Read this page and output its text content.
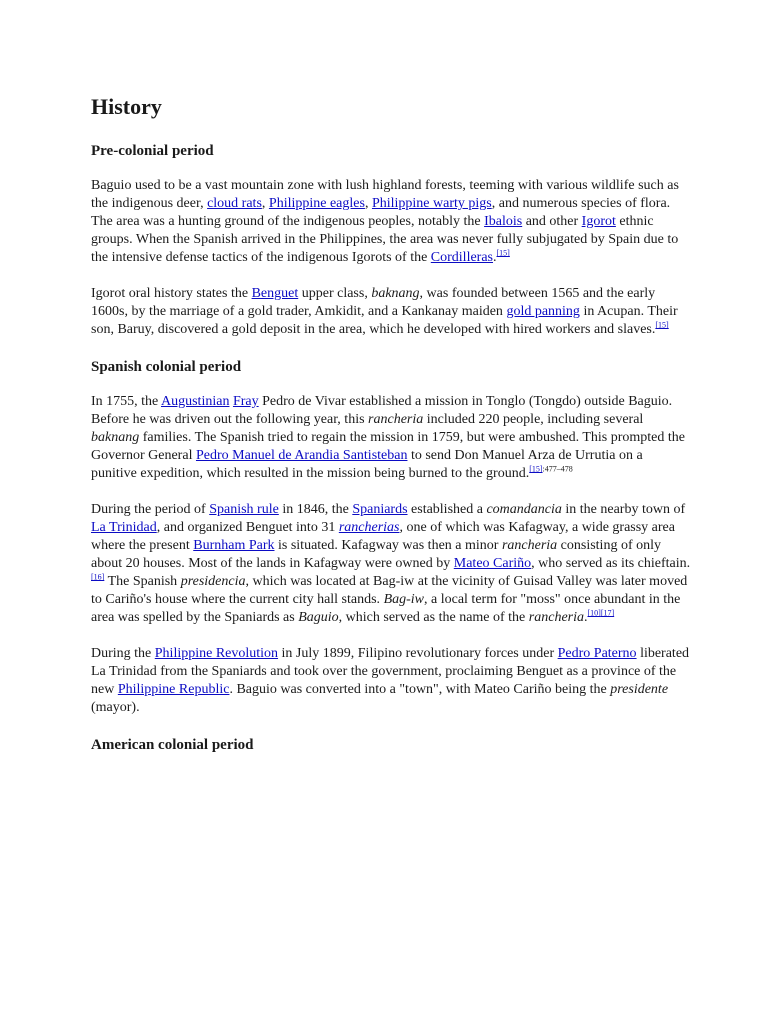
History
Pre-colonial period

Baguio used to be a vast mountain zone with lush highland forests, teeming with various wildlife such as the indigenous deer, cloud rats, Philippine eagles, Philippine warty pigs, and numerous species of flora. The area was a hunting ground of the indigenous peoples, notably the Ibalois and other Igorot ethnic groups. When the Spanish arrived in the Philippines, the area was never fully subjugated by Spain due to the intensive defense tactics of the indigenous Igorots of the Cordilleras.[15]

Igorot oral history states the Benguet upper class, baknang, was founded between 1565 and the early 1600s, by the marriage of a gold trader, Amkidit, and a Kankanay maiden gold panning in Acupan. Their son, Baruy, discovered a gold deposit in the area, which he developed with hired workers and slaves.[15]

Spanish colonial period

In 1755, the Augustinian Fray Pedro de Vivar established a mission in Tonglo (Tongdo) outside Baguio. Before he was driven out the following year, this rancheria included 220 people, including several baknang families. The Spanish tried to regain the mission in 1759, but were ambushed. This prompted the Governor General Pedro Manuel de Arandia Santisteban to send Don Manuel Arza de Urrutia on a punitive expedition, which resulted in the mission being burned to the ground.$^{[15]:477-478}$

During the period of Spanish rule in 1846, the Spaniards established a comandancia in the nearby town of La Trinidad, and organized Benguet into 31 rancherias, one of which was Kafagway, a wide grassy area where the present Burnham Park is situated. Kafagway was then a minor rancheria consisting of only about 20 houses. Most of the lands in Kafagway were owned by Mateo Cariño, who served as its chieftain.[16] The Spanish presidencia, which was located at Bag-iw at the vicinity of Guisad Valley was later moved to Cariño's house where the current city hall stands. Bag-iw, a local term for "moss" once abundant in the area was spelled by the Spaniards as Baguio, which served as the name of the rancheria.[10][17]

During the Philippine Revolution in July 1899, Filipino revolutionary forces under Pedro Paterno liberated La Trinidad from the Spaniards and took over the government, proclaiming Benguet as a province of the new Philippine Republic. Baguio was converted into a "town", with Mateo Cariño being the presidente (mayor).

American colonial period
